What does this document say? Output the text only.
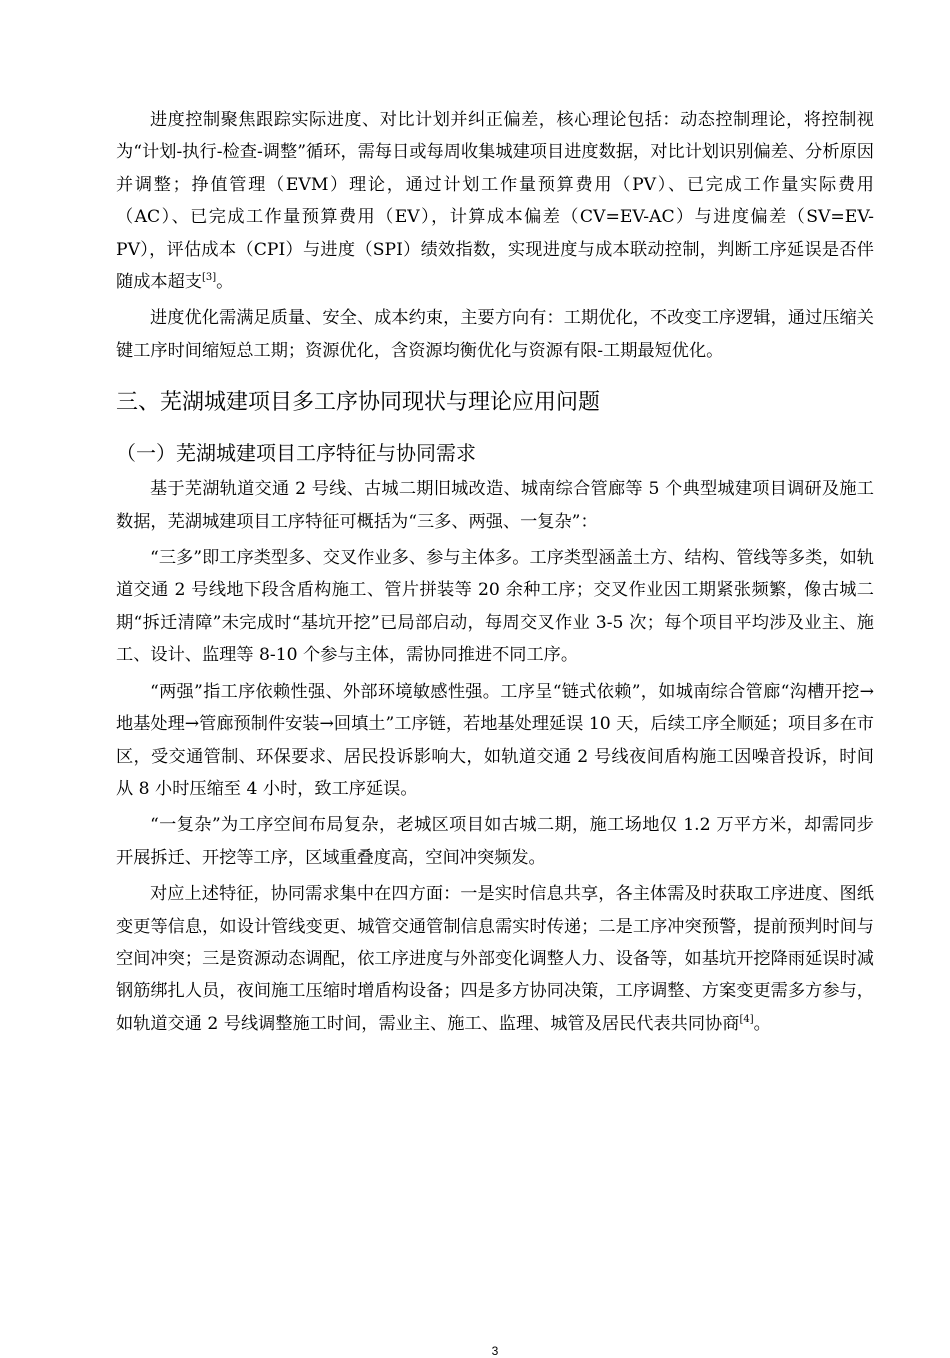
进度控制聚焦跟踪实际进度、对比计划并纠正偏差，核心理论包括：动态控制理论，将控制视为“计划-执行-检查-调整”循环，需每日或每周收集城建项目进度数据，对比计划识别偏差、分析原因并调整；挣值管理（EVM）理论，通过计划工作量预算费用（PV）、已完成工作量实际费用（AC）、已完成工作量预算费用（EV），计算成本偏差（CV=EV-AC）与进度偏差（SV=EV-PV），评估成本（CPI）与进度（SPI）绩效指数，实现进度与成本联动控制，判断工序延误是否伴随成本超支[3]。

进度优化需满足质量、安全、成本约束，主要方向有：工期优化，不改变工序逻辑，通过压缩关键工序时间缩短总工期；资源优化，含资源均衡优化与资源有限-工期最短优化。

三、芜湖城建项目多工序协同现状与理论应用问题
（一）芜湖城建项目工序特征与协同需求

基于芜湖轨道交通 2 号线、古城二期旧城改造、城南综合管廊等 5 个典型城建项目调研及施工数据，芜湖城建项目工序特征可概括为“三多、两强、一复杂”：

“三多”即工序类型多、交叉作业多、参与主体多。工序类型涵盖土方、结构、管线等多类，如轨道交通 2 号线地下段含盾构施工、管片拼装等 20 余种工序；交叉作业因工期紧张频繁，像古城二期“拆迁清障”未完成时“基坑开挖”已局部启动，每周交叉作业 3-5 次；每个项目平均涉及业主、施工、设计、监理等 8-10 个参与主体，需协同推进不同工序。

“两强”指工序依赖性强、外部环境敏感性强。工序呈“链式依赖”，如城南综合管廊“沟槽开挖→地基处理→管廊预制件安装→回填土”工序链，若地基处理延误 10 天，后续工序全顺延；项目多在市区，受交通管制、环保要求、居民投诉影响大，如轨道交通 2 号线夜间盾构施工因噪音投诉，时间从 8 小时压缩至 4 小时，致工序延误。

“一复杂”为工序空间布局复杂，老城区项目如古城二期，施工场地仅 1.2 万平方米，却需同步开展拆迁、开挖等工序，区域重叠度高，空间冲突频发。

对应上述特征，协同需求集中在四方面：一是实时信息共享，各主体需及时获取工序进度、图纸变更等信息，如设计管线变更、城管交通管制信息需实时传递；二是工序冲突预警，提前预判时间与空间冲突；三是资源动态调配，依工序进度与外部变化调整人力、设备等，如基坑开挖降雨延误时减钢筋绑扎人员，夜间施工压缩时增盾构设备；四是多方协同决策，工序调整、方案变更需多方参与，如轨道交通 2 号线调整施工时间，需业主、施工、监理、城管及居民代表共同协商[4]。

3
